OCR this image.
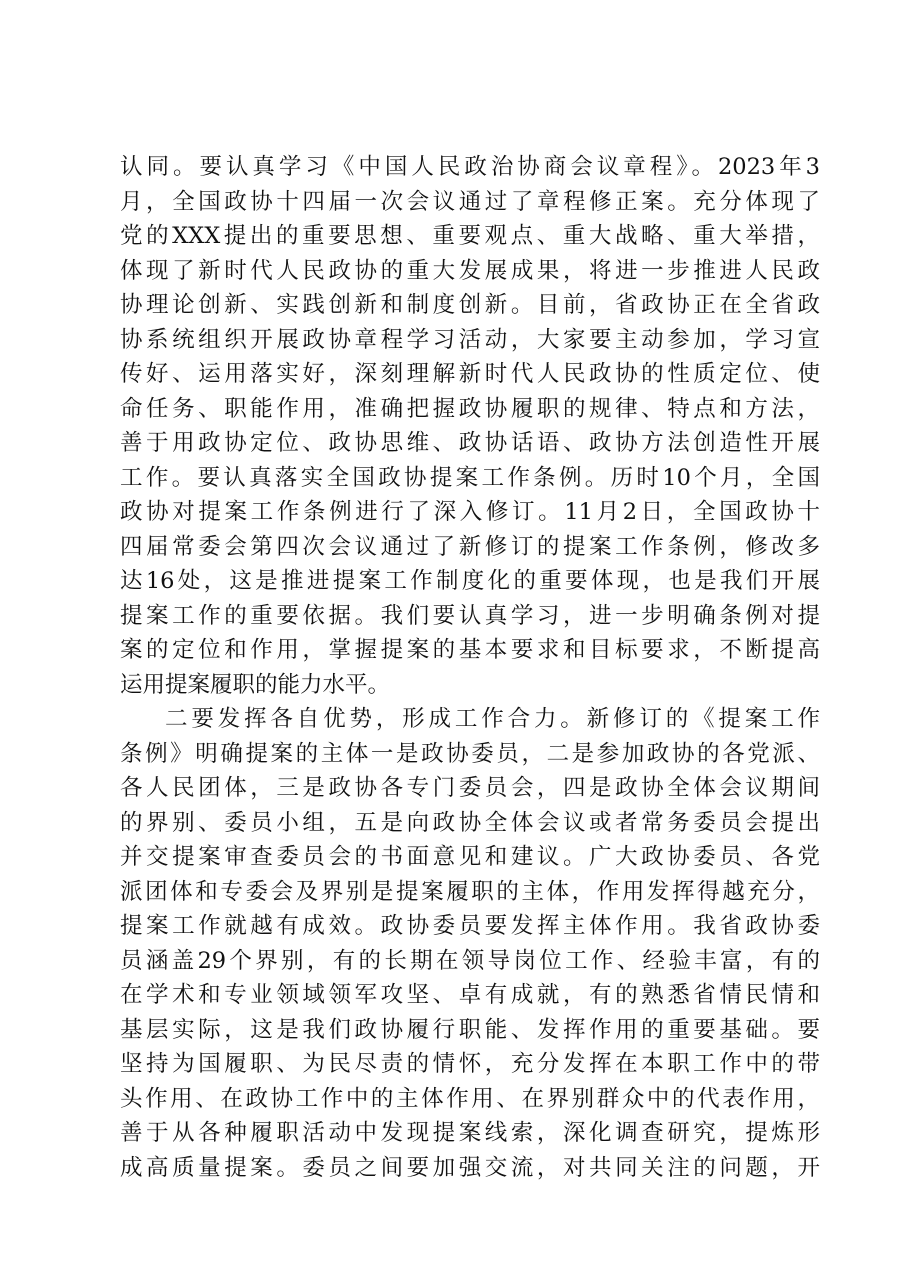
认同。要认真学习《中国人民政治协商会议章程》。2023年3
月，全国政协十四届一次会议通过了章程修正案。充分体现了
党的XXX提出的重要思想、重要观点、重大战略、重大举措，
体现了新时代人民政协的重大发展成果，将进一步推进人民政
协理论创新、实践创新和制度创新。目前，省政协正在全省政
协系统组织开展政协章程学习活动，大家要主动参加，学习宣
传好、运用落实好，深刻理解新时代人民政协的性质定位、使
命任务、职能作用，准确把握政协履职的规律、特点和方法，
善于用政协定位、政协思维、政协话语、政协方法创造性开展
工作。要认真落实全国政协提案工作条例。历时10个月，全国
政协对提案工作条例进行了深入修订。11月2日，全国政协十
四届常委会第四次会议通过了新修订的提案工作条例，修改多
达16处，这是推进提案工作制度化的重要体现，也是我们开展
提案工作的重要依据。我们要认真学习，进一步明确条例对提
案的定位和作用，掌握提案的基本要求和目标要求，不断提高
运用提案履职的能力水平。
二要发挥各自优势，形成工作合力。新修订的《提案工作
条例》明确提案的主体一是政协委员，二是参加政协的各党派、
各人民团体，三是政协各专门委员会，四是政协全体会议期间
的界别、委员小组，五是向政协全体会议或者常务委员会提出
并交提案审查委员会的书面意见和建议。广大政协委员、各党
派团体和专委会及界别是提案履职的主体，作用发挥得越充分，
提案工作就越有成效。政协委员要发挥主体作用。我省政协委
员涵盖29个界别，有的长期在领导岗位工作、经验丰富，有的
在学术和专业领域领军攻坚、卓有成就，有的熟悉省情民情和
基层实际，这是我们政协履行职能、发挥作用的重要基础。要
坚持为国履职、为民尽责的情怀，充分发挥在本职工作中的带
头作用、在政协工作中的主体作用、在界别群众中的代表作用，
善于从各种履职活动中发现提案线索，深化调查研究，提炼形
成高质量提案。委员之间要加强交流，对共同关注的问题，开
